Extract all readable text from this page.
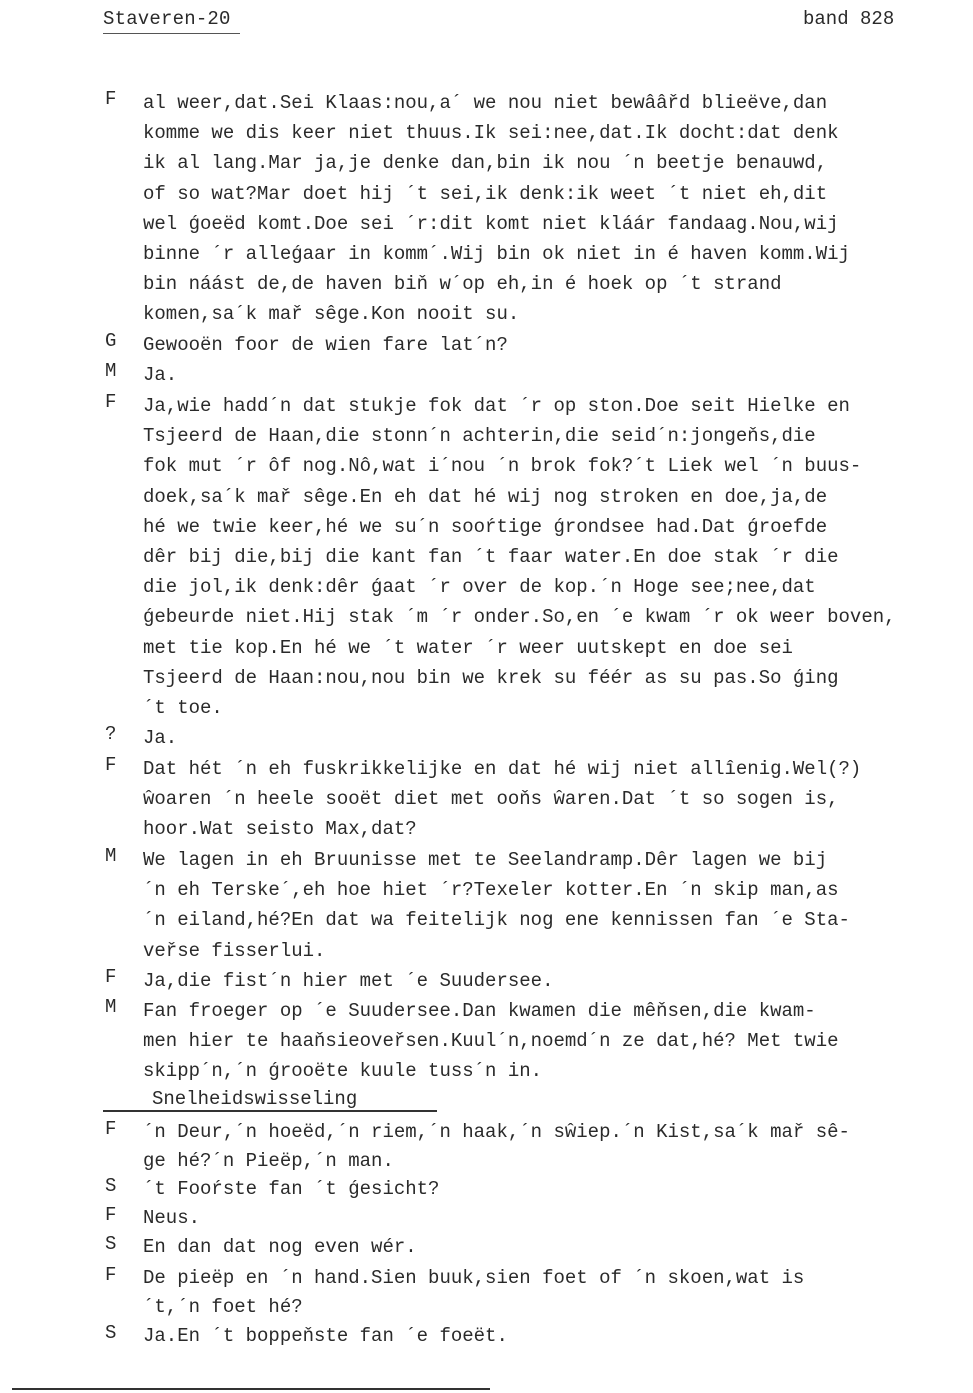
Staveren-20	band 828
F	al weer,dat.Sei Klaas:nou,a´ we nou niet bewââřd blieëve,dan
komme we dis keer niet thuus.Ik sei:nee,dat.Ik docht:dat denk
ik al lang.Mar ja,je denke dan,bin ik nou ´n beetje benauwd,
of so wat?Mar doet hij ´t sei,ik denk:ik weet ´t niet eh,dit
wel ǵoeëd komt.Doe sei ´r:dit komt niet kláár fandaag.Nou,wij
binne ´r alleǵaar in komm´.Wij bin ok niet in é haven komm.Wij
bin náást de,de haven biň w´op eh,in é hoek op ´t strand
komen,sa´k mař sêge.Kon nooit su.
G	Gewooën foor de wien fare lat´n?
M	Ja.
F	Ja,wie hadd´n dat stukje fok dat ´r op ston.Doe seit Hielke en
Tsjeerd de Haan,die stonn´n achterin,die seid´n:jongeňs,die
fok mut ´r ôf nog.Nô,wat i´nou ´n brok fok?´t Liek wel ´n buus-
doek,sa´k mař sêge.En eh dat hé wij nog stroken en doe,ja,de
hé we twie keer,hé we su´n sooŕtige ǵrondsee had.Dat ǵroefde
dêr bij die,bij die kant fan ´t faar water.En doe stak ´r die
die jol,ik denk:dêr ǵaat ´r over de kop.´n Hoge see;nee,dat
ǵebeurde niet.Hij stak ´m ´r onder.So,en ´e kwam ´r ok weer boven,
met tie kop.En hé we ´t water ´r weer uutskept en doe sei
Tsjeerd de Haan:nou,nou bin we krek su féér as su pas.So ǵing
´t toe.
?	Ja.
F	Dat hét ´n eh fuskrikkelijke en dat hé wij niet allîenig.Wel(?)
ŵoaren ´n heele sooët diet met ooňs ŵaren.Dat ´t so sogen is,
hoor.Wat seisto Max,dat?
M	We lagen in eh Bruunisse met te Seelandramp.Dêr lagen we bij
´n eh Terske´,eh hoe hiet ´r?Texeler kotter.En ´n skip man,as
´n eiland,hé?En dat wa feitelijk nog ene kennissen fan ´e Sta-
veřse fisserlui.
F	Ja,die fist´n hier met ´e Suudersee.
M	Fan froeger op ´e Suudersee.Dan kwamen die mêňsen,die kwam-
men hier te haaňsieoveřsen.Kuul´n,noemd´n ze dat,hé? Met twie
skipp´n,´n ǵrooëte kuule tuss´n in.
Snelheidswisseling
F	´n Deur,´n hoeëd,´n riem,´n haak,´n sŵiep.´n Kist,sa´k mař sê-
ge hé?´n Pieëp,´n man.
S	´t Fooŕste fan ´t ǵesicht?
F	Neus.
S	En dan dat nog even wér.
F	De pieëp en ´n hand.Sien buuk,sien foet of ´n skoen,wat is
´t,´n foet hé?
S	Ja.En ´t boppeňste fan ´e foeët.
